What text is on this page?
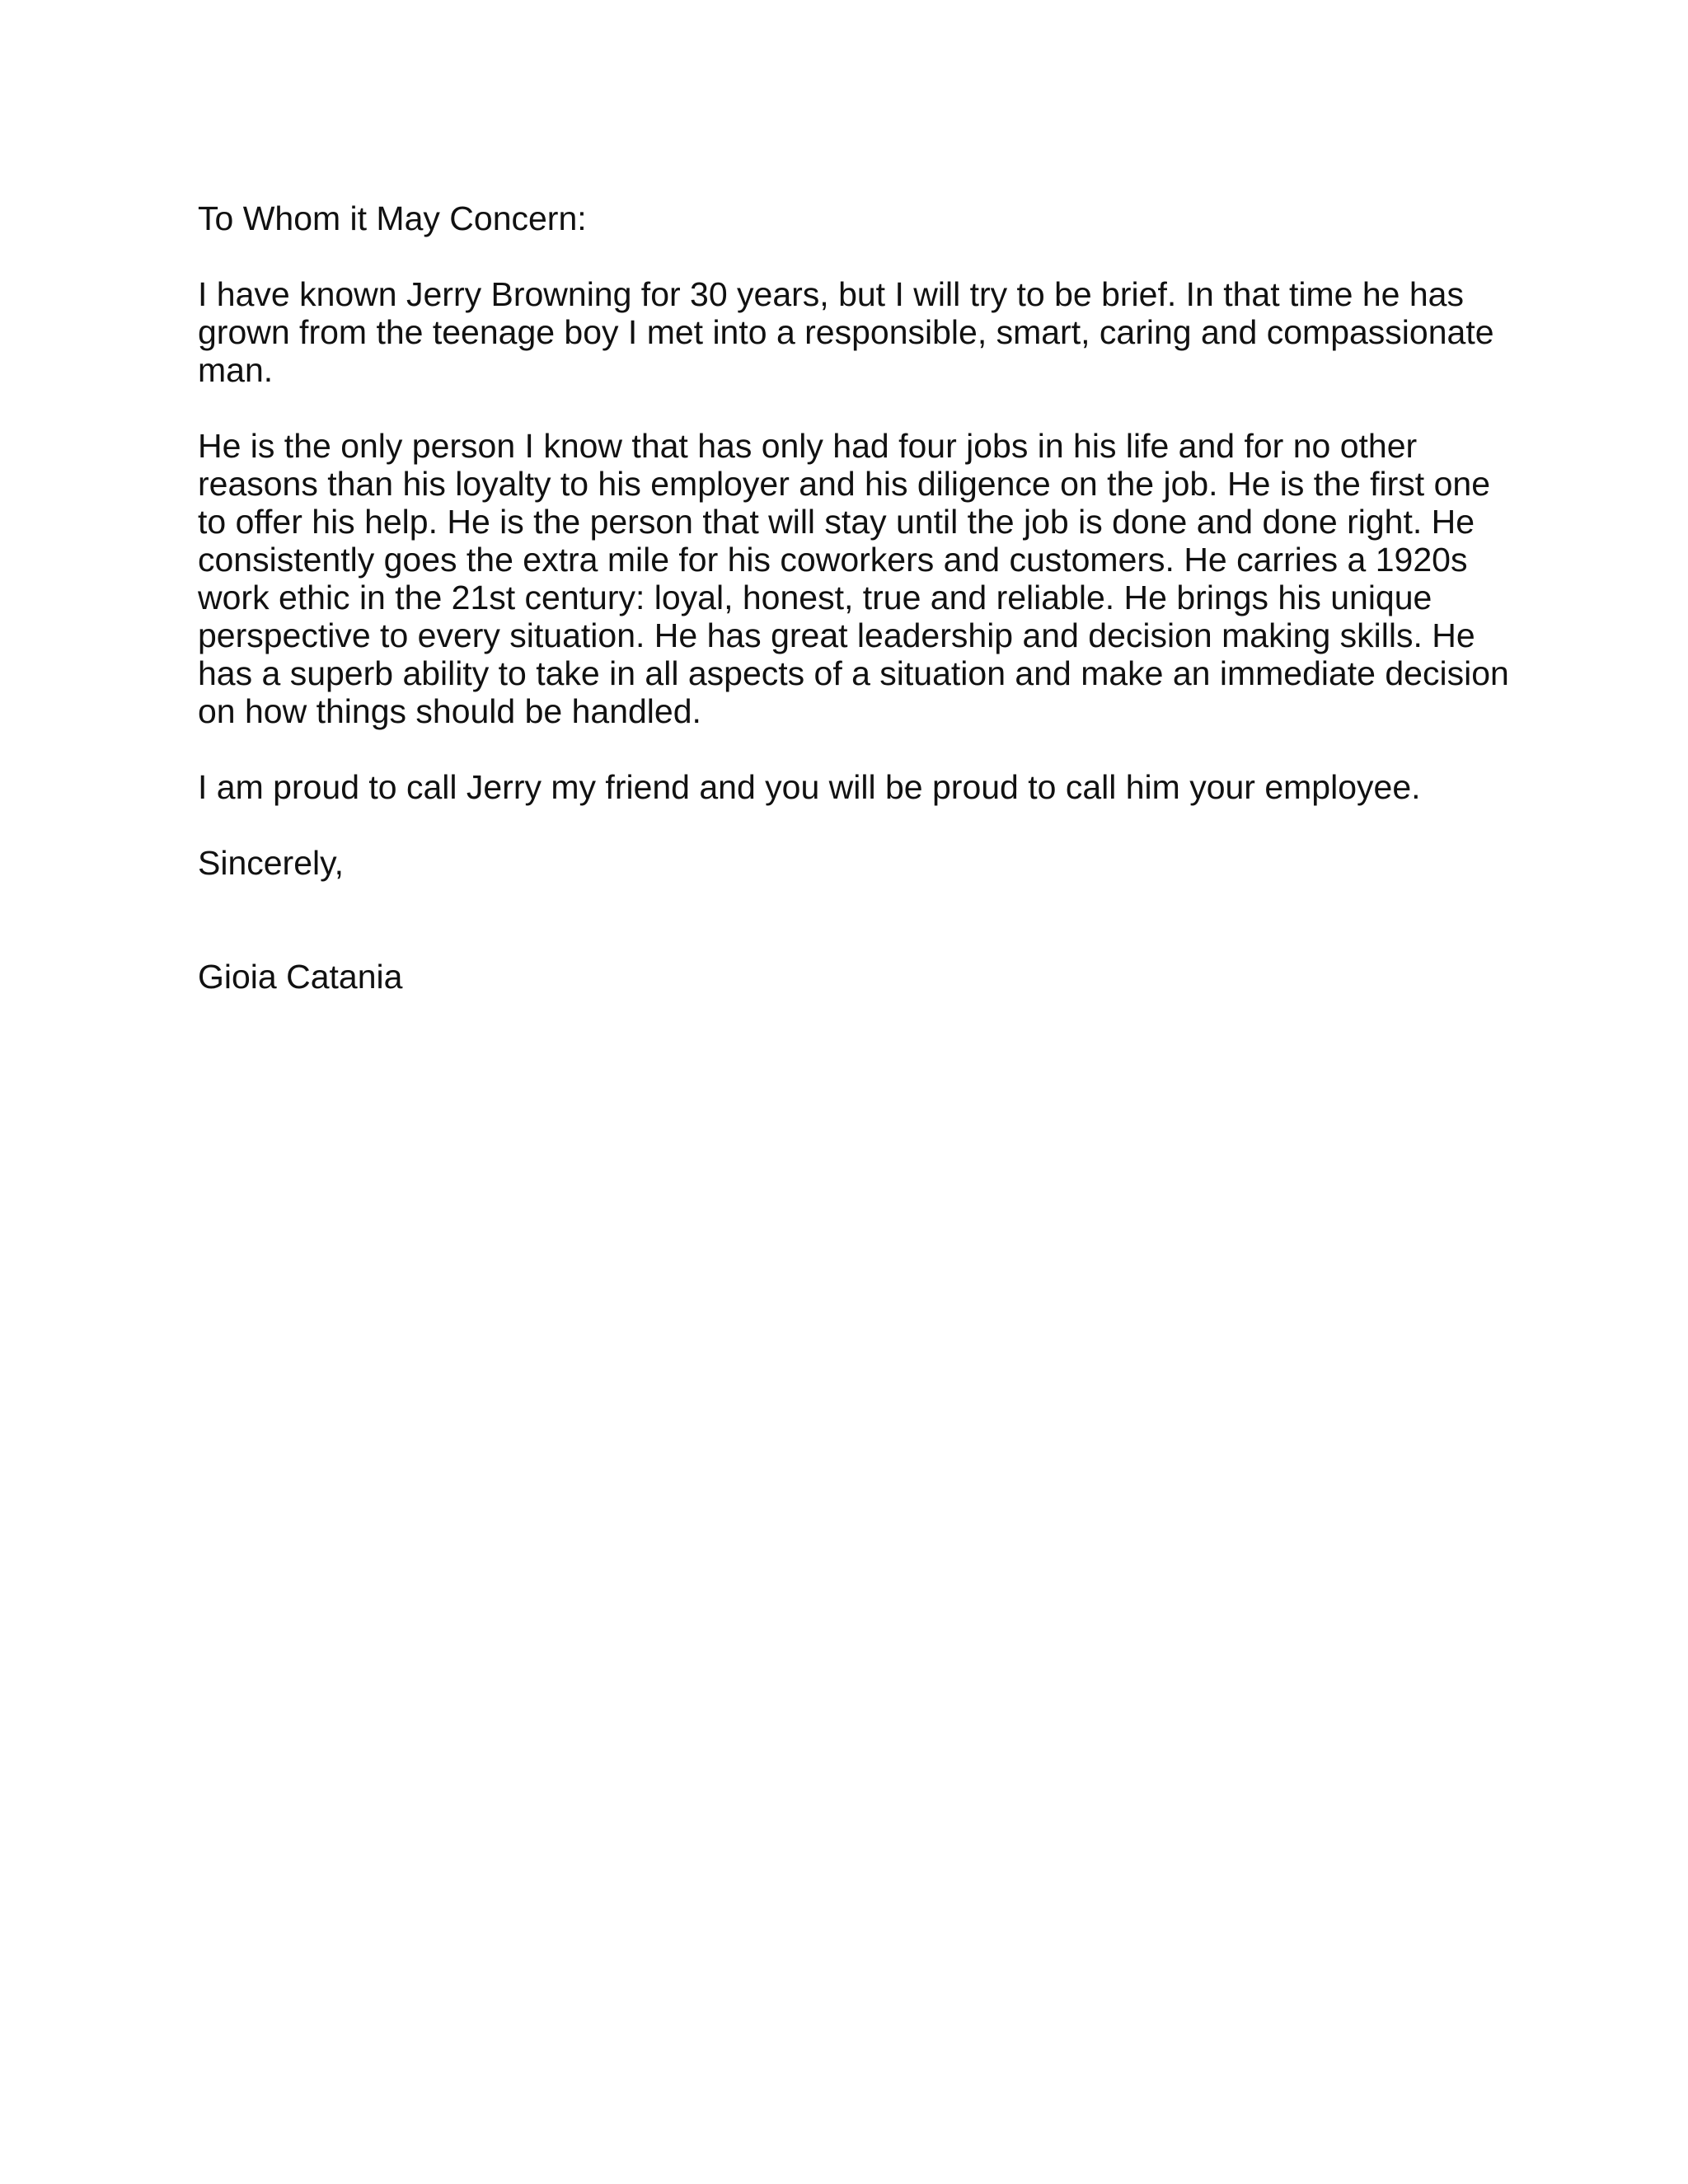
To Whom it May Concern:

I have known Jerry Browning for 30 years, but I will try to be brief. In that time he has
grown from the teenage boy I met into a responsible, smart, caring and compassionate
man.

He is the only person I know that has only had four jobs in his life and for no other
reasons than his loyalty to his employer and his diligence on the job. He is the first one
to offer his help. He is the person that will stay until the job is done and done right. He
consistently goes the extra mile for his coworkers and customers. He carries a 1920s
work ethic in the 21st century: loyal, honest, true and reliable. He brings his unique
perspective to every situation. He has great leadership and decision making skills. He
has a superb ability to take in all aspects of a situation and make an immediate decision
on how things should be handled.

I am proud to call Jerry my friend and you will be proud to call him your employee.

Sincerely,

Gioia Catania
